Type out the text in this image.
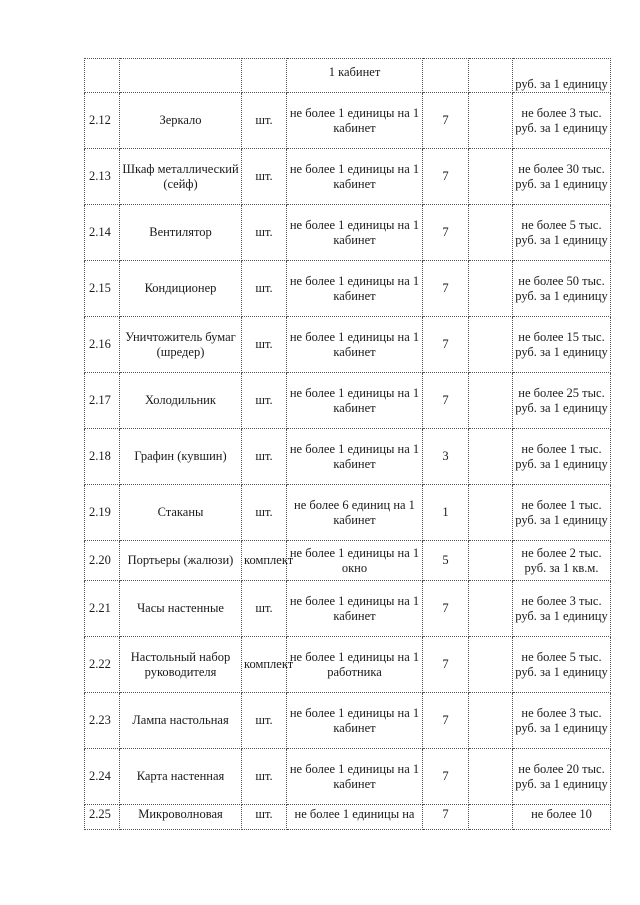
			1 кабинет			руб. за 1 единицу
2.12	Зеркало	шт.	не более 1 единицы на 1 кабинет	7		не более 3 тыс. руб. за 1 единицу
2.13	Шкаф металлический (сейф)	шт.	не более 1 единицы на 1 кабинет	7		не более 30 тыс. руб. за 1 единицу
2.14	Вентилятор	шт.	не более 1 единицы на 1 кабинет	7		не более 5 тыс. руб. за 1 единицу
2.15	Кондиционер	шт.	не более 1 единицы на 1 кабинет	7		не более 50 тыс. руб. за 1 единицу
2.16	Уничтожитель бумаг (шредер)	шт.	не более 1 единицы на 1 кабинет	7		не более 15 тыс. руб. за 1 единицу
2.17	Холодильник	шт.	не более 1 единицы на 1 кабинет	7		не более 25 тыс. руб. за 1 единицу
2.18	Графин (кувшин)	шт.	не более 1 единицы на 1 кабинет	3		не более 1 тыс. руб. за 1 единицу
2.19	Стаканы	шт.	не более 6 единиц на 1 кабинет	1		не более 1 тыс. руб. за 1 единицу
2.20	Портьеры (жалюзи)	комплект	не более 1 единицы на 1 окно	5		не более 2 тыс. руб. за 1 кв.м.
2.21	Часы настенные	шт.	не более 1 единицы на 1 кабинет	7		не более 3 тыс. руб. за 1 единицу
2.22	Настольный набор руководителя	комплект	не более 1 единицы на 1 работника	7		не более 5 тыс. руб. за 1 единицу
2.23	Лампа настольная	шт.	не более 1 единицы на 1 кабинет	7		не более 3 тыс. руб. за 1 единицу
2.24	Карта настенная	шт.	не более 1 единицы на 1 кабинет	7		не более 20 тыс. руб. за 1 единицу
2.25	Микроволновая	шт.	не более 1 единицы на	7		не более 10
